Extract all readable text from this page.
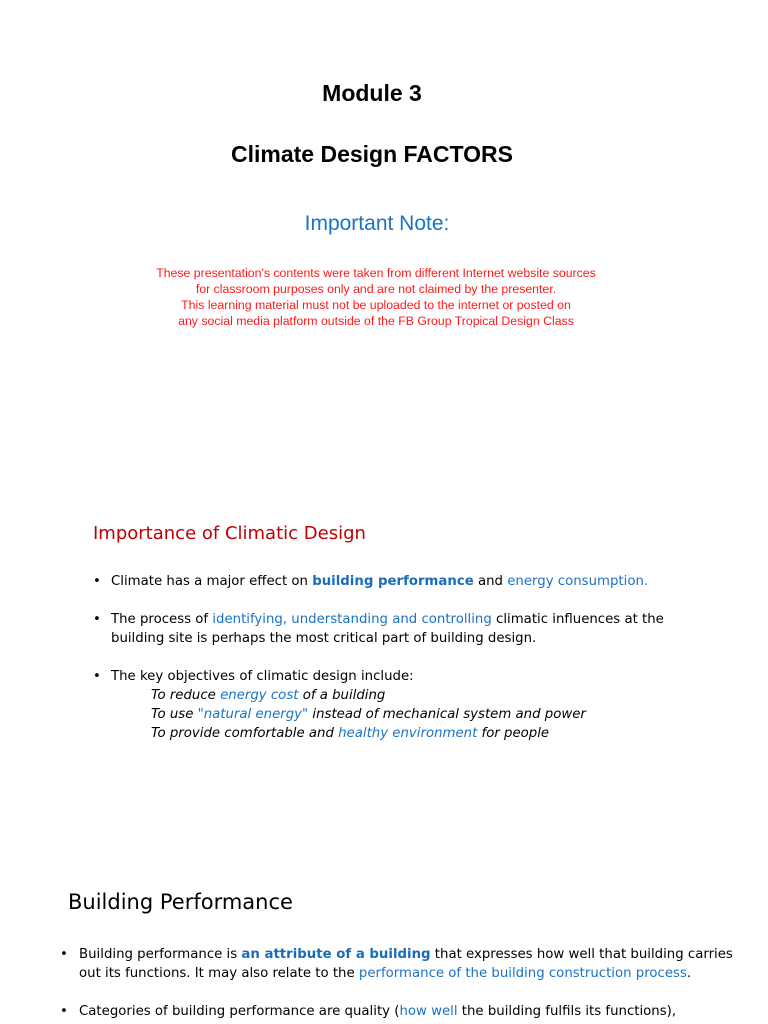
Module 3
Climate Design FACTORS
Important Note:
These presentation's contents were taken from different Internet website sources
for classroom purposes only and are not claimed by the presenter.
This learning material must not be uploaded to the internet or posted on
any social media platform outside of the FB Group Tropical Design Class
Importance of Climatic Design
• Climate has a major effect on building performance and energy consumption.
• The process of identifying, understanding and controlling climatic influences at the
building site is perhaps the most critical part of building design.
• The key objectives of climatic design include:
To reduce energy cost of a building
To use "natural energy" instead of mechanical system and power
To provide comfortable and healthy environment for people
Building Performance
• Building performance is an attribute of a building that expresses how well that building carries
out its functions. It may also relate to the performance of the building construction process.
• Categories of building performance are quality (how well the building fulfils its functions),
